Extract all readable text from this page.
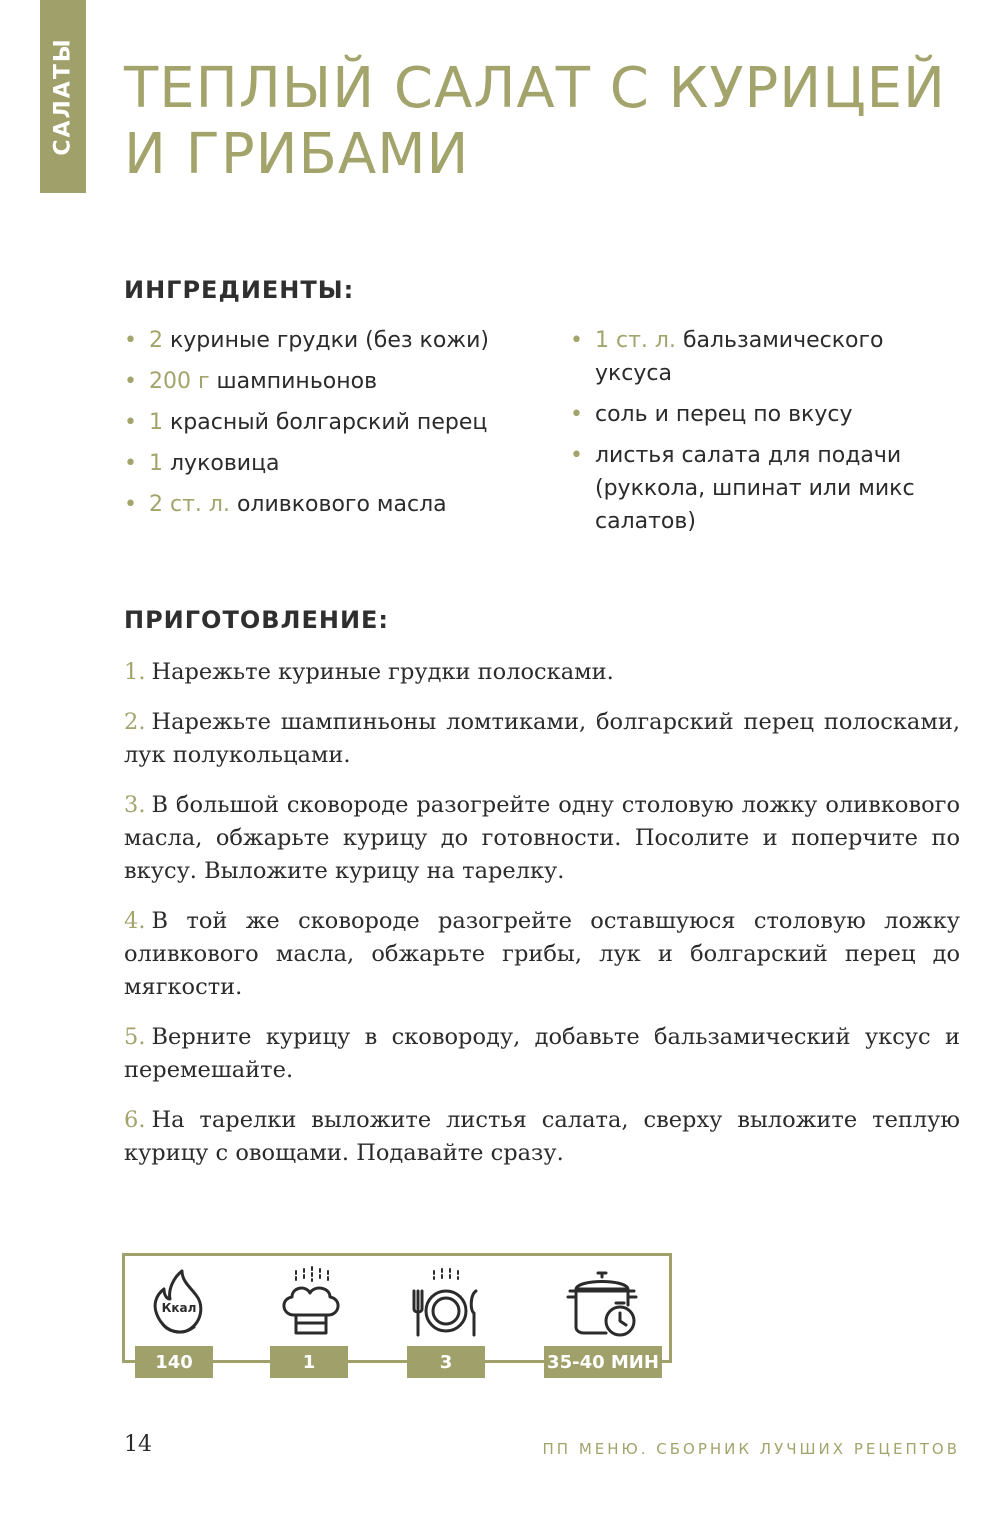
САЛАТЫ ТЕПЛЫЙ САЛАТ С КУРИЦЕЙ И ГРИБАМИ
ИНГРЕДИЕНТЫ:
• 2 куриные грудки (без кожи)
• 200 г шампиньонов
• 1 красный болгарский перец
• 1 луковица
• 2 ст. л. оливкового масла
• 1 ст. л. бальзамического уксуса
• соль и перец по вкусу
• листья салата для подачи (руккола, шпинат или микс салатов)
ПРИГОТОВЛЕНИЕ:

1. Нарежьте куриные грудки полосками.

2. Нарежьте шампиньоны ломтиками, болгарский перец полосками, лук полукольцами.

3. В большой сковороде разогрейте одну столовую ложку оливкового масла, обжарьте курицу до готовности. Посолите и поперчите по вкусу. Выложите курицу на тарелку.

4. В той же сковороде разогрейте оставшуюся столовую ложку оливкового масла, обжарьте грибы, лук и болгарский перец до мягкости.

5. Верните курицу в сковороду, добавьте бальзамический уксус и перемешайте.

6. На тарелки выложите листья салата, сверху выложите теплую курицу с овощами. Подавайте сразу.

Ккал
140	1	3	35-40 МИН
14	ПП МЕНЮ. СБОРНИК ЛУЧШИХ РЕЦЕПТОВ
